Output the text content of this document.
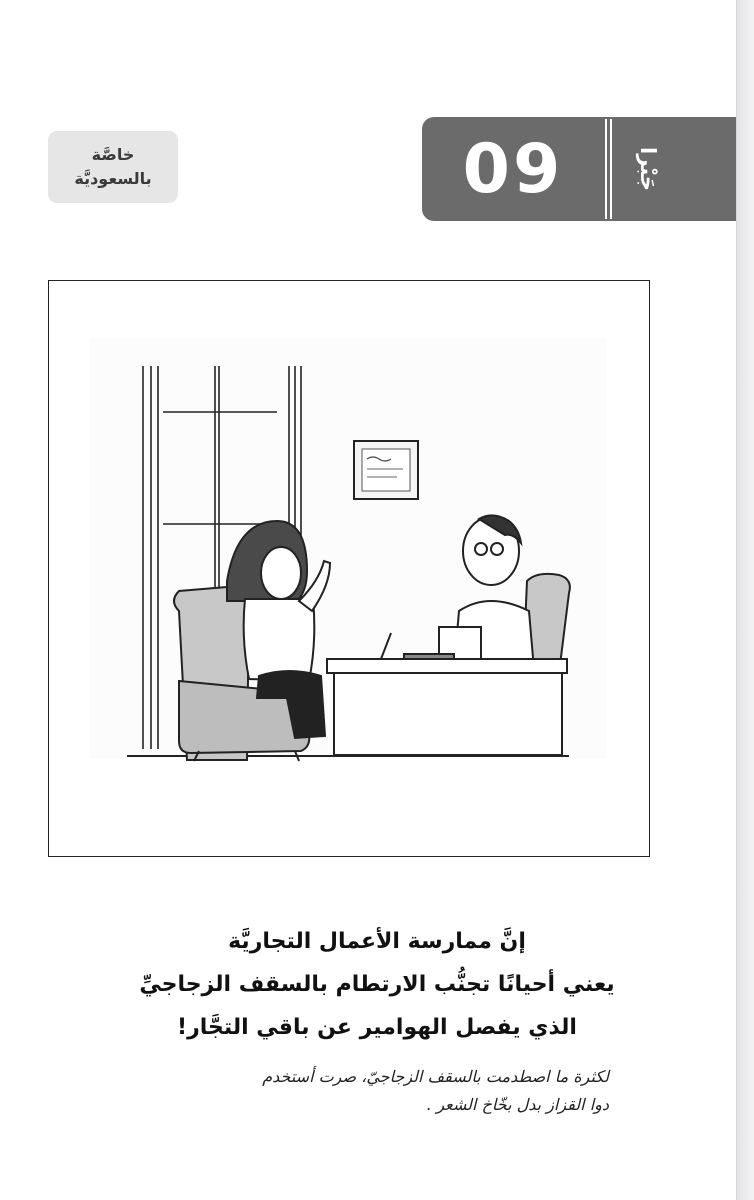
خاصَّة
بالسعوديَّة	09	جَبْرا
لكثرة ما اصطدمت بالسقف الزجاجيّ، صرت أستخدم
دوا القزاز بدل بخّاخ الشعر .
إنَّ ممارسة الأعمال التجاريَّة
يعني أحيانًا تجنُّب الارتطام بالسقف الزجاجيِّ
الذي يفصل الهوامير عن باقي التجَّار!
